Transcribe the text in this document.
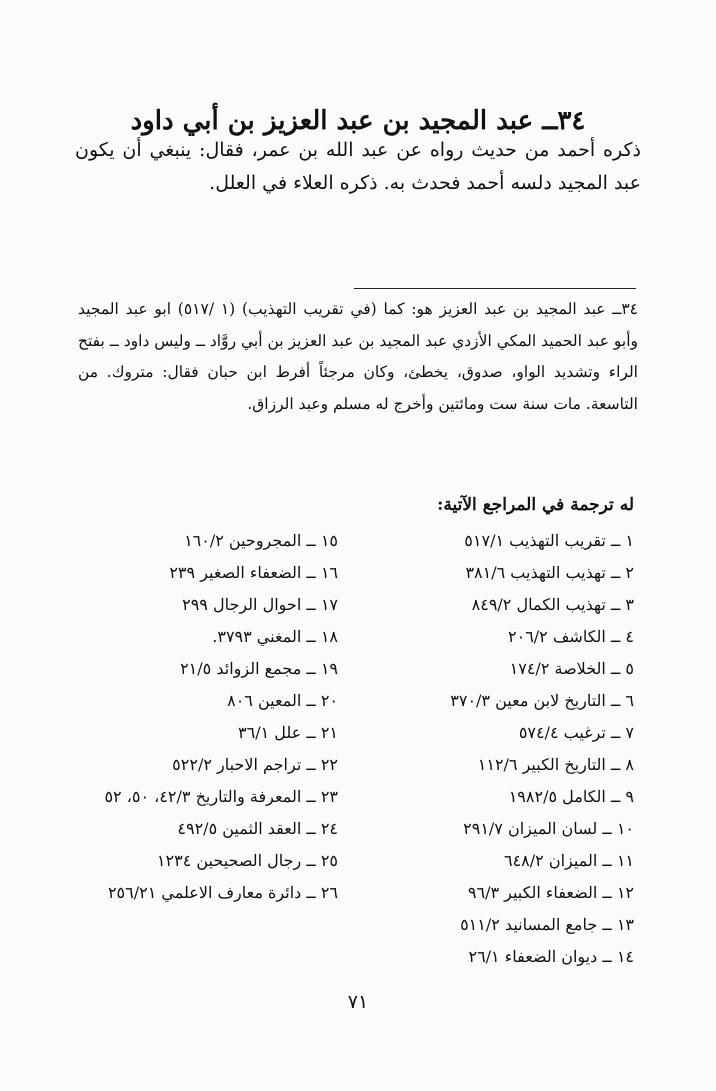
٣٤ــ عبد المجيد بن عبد العزيز بن أبي داود

ذكره أحمد من حديث رواه عن عبد الله بن عمر، فقال: ينبغي أن يكون عبد المجيد دلسه أحمد فحدث به. ذكره العلاء في العلل.

٣٤ــ عبد المجيد بن عبد العزيز هو: كما (في تقريب التهذيب) (١ /٥١٧) ابو عبد المجيد وأبو عبد الحميد المكي الأزدي عبد المجيد بن عبد العزيز بن أبي روَّاد ــ وليس داود ــ بفتح الراء وتشديد الواو، صدوق، يخطئ، وكان مرجئاً أفرط ابن حبان فقال: متروك. من التاسعة. مات سنة ست ومائتين وأخرج له مسلم وعبد الرزاق.

له ترجمة في المراجع الآتية:
١ ــ تقريب التهذيب ٥١٧/١
٢ ــ تهذيب التهذيب ٣٨١/٦
٣ ــ تهذيب الكمال ٨٤٩/٢
٤ ــ الكاشف ٢٠٦/٢
٥ ــ الخلاصة ١٧٤/٢
٦ ــ التاريخ لابن معين ٣٧٠/٣
٧ ــ ترغيب ٥٧٤/٤
٨ ــ التاريخ الكبير ١١٢/٦
٩ ــ الكامل ١٩٨٢/٥
١٠ ــ لسان الميزان ٢٩١/٧
١١ ــ الميزان ٦٤٨/٢
١٢ ــ الضعفاء الكبير ٩٦/٣
١٣ ــ جامع المسانيد ٥١١/٢
١٤ ــ ديوان الضعفاء ٢٦/١
١٥ ــ المجروحين ١٦٠/٢
١٦ ــ الضعفاء الصغير ٢٣٩
١٧ ــ احوال الرجال ٢٩٩
١٨ ــ المغني ٣٧٩٣.
١٩ ــ مجمع الزوائد ٢١/٥
٢٠ ــ المعين ٨٠٦
٢١ ــ علل ٣٦/١
٢٢ ــ تراجم الاحبار ٥٢٢/٢
٢٣ ــ المعرفة والتاريخ ٤٢/٣، ٥٠، ٥٢
٢٤ ــ العقد الثمين ٤٩٢/٥
٢٥ ــ رجال الصحيحين ١٢٣٤
٢٦ ــ دائرة معارف الاعلمي ٢٥٦/٢١
٧١
